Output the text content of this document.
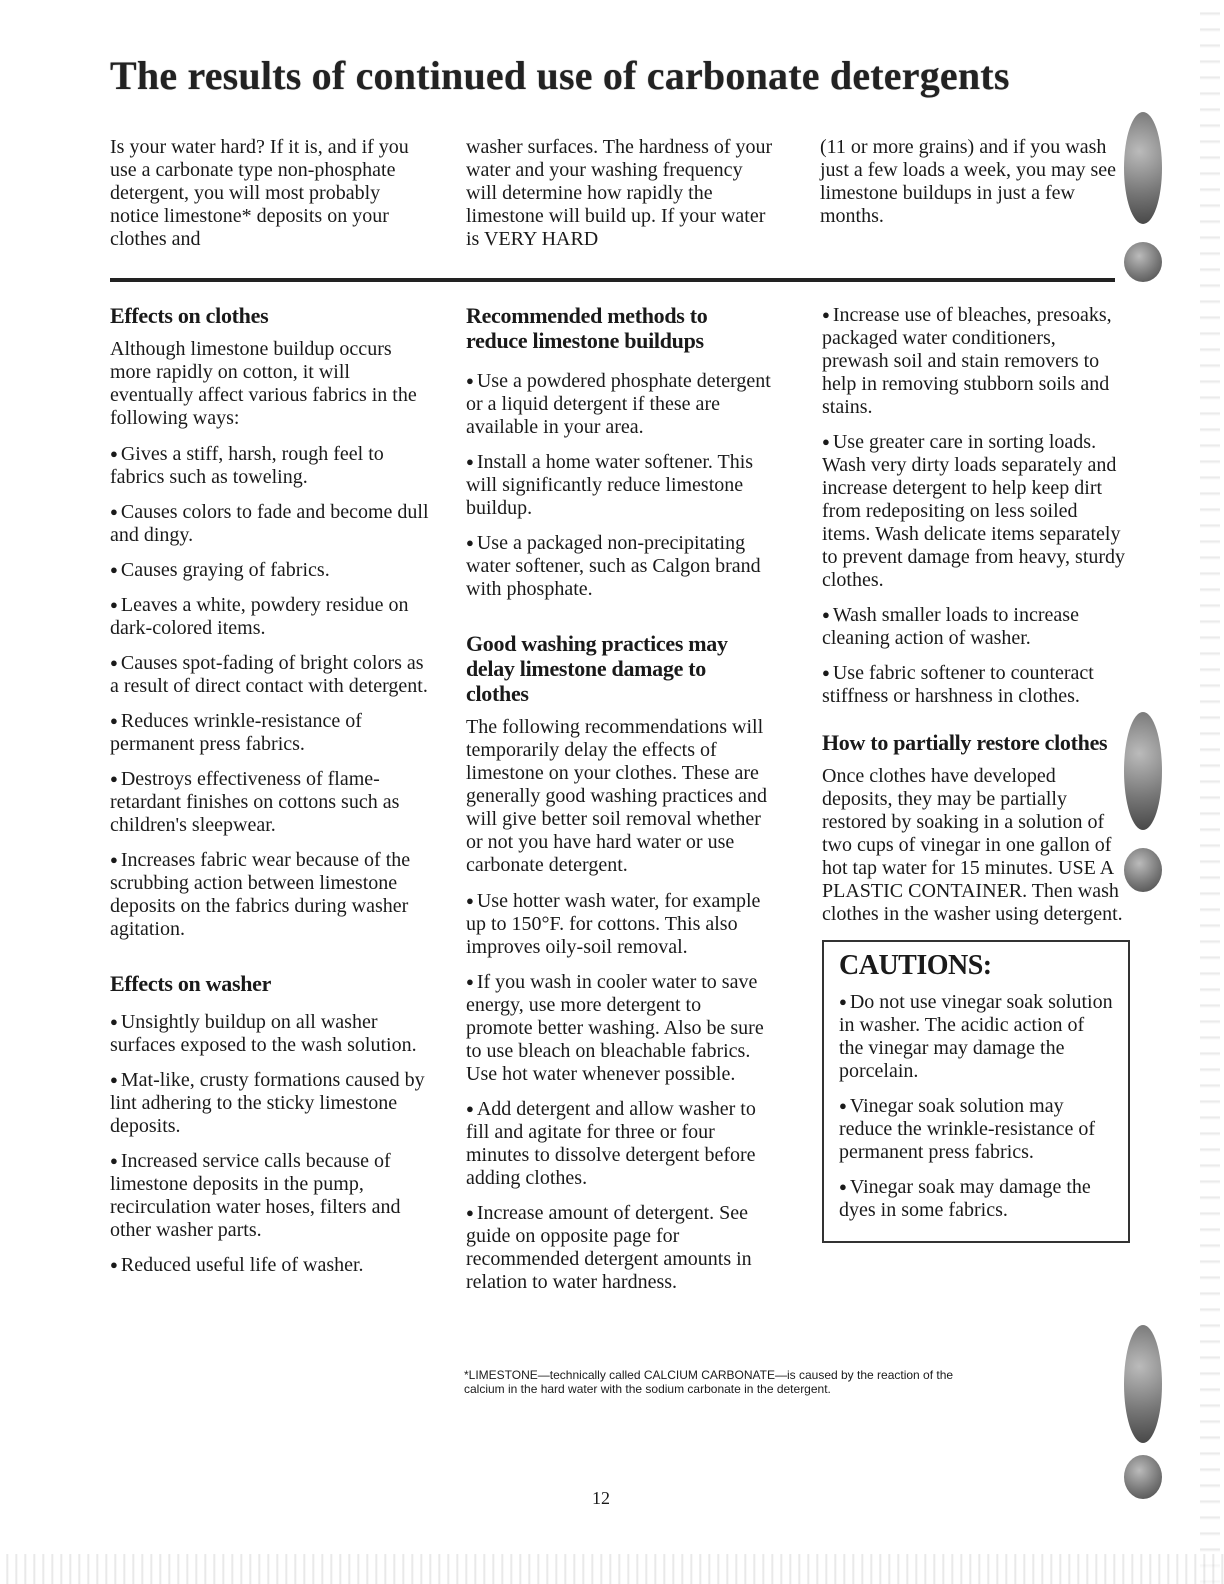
The results of continued use of carbonate detergents

Is your water hard? If it is, and if you use a carbonate type non-phosphate detergent, you will most probably notice limestone* deposits on your clothes and

washer surfaces. The hardness of your water and your washing frequency will determine how rapidly the limestone will build up. If your water is VERY HARD

(11 or more grains) and if you wash just a few loads a week, you may see limestone buildups in just a few months.

Effects on clothes

Although limestone buildup occurs more rapidly on cotton, it will eventually affect various fabrics in the following ways:

● Gives a stiff, harsh, rough feel to fabrics such as toweling.
● Causes colors to fade and become dull and dingy.
● Causes graying of fabrics.
● Leaves a white, powdery residue on dark-colored items.
● Causes spot-fading of bright colors as a result of direct contact with detergent.
● Reduces wrinkle-resistance of permanent press fabrics.
● Destroys effectiveness of flame-retardant finishes on cottons such as children's sleepwear.
● Increases fabric wear because of the scrubbing action between limestone deposits on the fabrics during washer agitation.
Effects on washer
● Unsightly buildup on all washer surfaces exposed to the wash solution.
● Mat-like, crusty formations caused by lint adhering to the sticky limestone deposits.
● Increased service calls because of limestone deposits in the pump, recirculation water hoses, filters and other washer parts.
● Reduced useful life of washer.
Recommended methods to reduce limestone buildups
● Use a powdered phosphate detergent or a liquid detergent if these are available in your area.
● Install a home water softener. This will significantly reduce limestone buildup.
● Use a packaged non-precipitating water softener, such as Calgon brand with phosphate.
Good washing practices may delay limestone damage to clothes

The following recommendations will temporarily delay the effects of limestone on your clothes. These are generally good washing practices and will give better soil removal whether or not you have hard water or use carbonate detergent.

● Use hotter wash water, for example up to 150°F. for cottons. This also improves oily-soil removal.
● If you wash in cooler water to save energy, use more detergent to promote better washing. Also be sure to use bleach on bleachable fabrics. Use hot water whenever possible.
● Add detergent and allow washer to fill and agitate for three or four minutes to dissolve detergent before adding clothes.
● Increase amount of detergent. See guide on opposite page for recommended detergent amounts in relation to water hardness.
● Increase use of bleaches, presoaks, packaged water conditioners, prewash soil and stain removers to help in removing stubborn soils and stains.
● Use greater care in sorting loads. Wash very dirty loads separately and increase detergent to help keep dirt from redepositing on less soiled items. Wash delicate items separately to prevent damage from heavy, sturdy clothes.
● Wash smaller loads to increase cleaning action of washer.
● Use fabric softener to counteract stiffness or harshness in clothes.
How to partially restore clothes

Once clothes have developed deposits, they may be partially restored by soaking in a solution of two cups of vinegar in one gallon of hot tap water for 15 minutes. USE A PLASTIC CONTAINER. Then wash clothes in the washer using detergent.

CAUTIONS:
● Do not use vinegar soak solution in washer. The acidic action of the vinegar may damage the porcelain.
● Vinegar soak solution may reduce the wrinkle-resistance of permanent press fabrics.
● Vinegar soak may damage the dyes in some fabrics.

*LIMESTONE—technically called CALCIUM CARBONATE—is caused by the reaction of the calcium in the hard water with the sodium carbonate in the detergent.

12
